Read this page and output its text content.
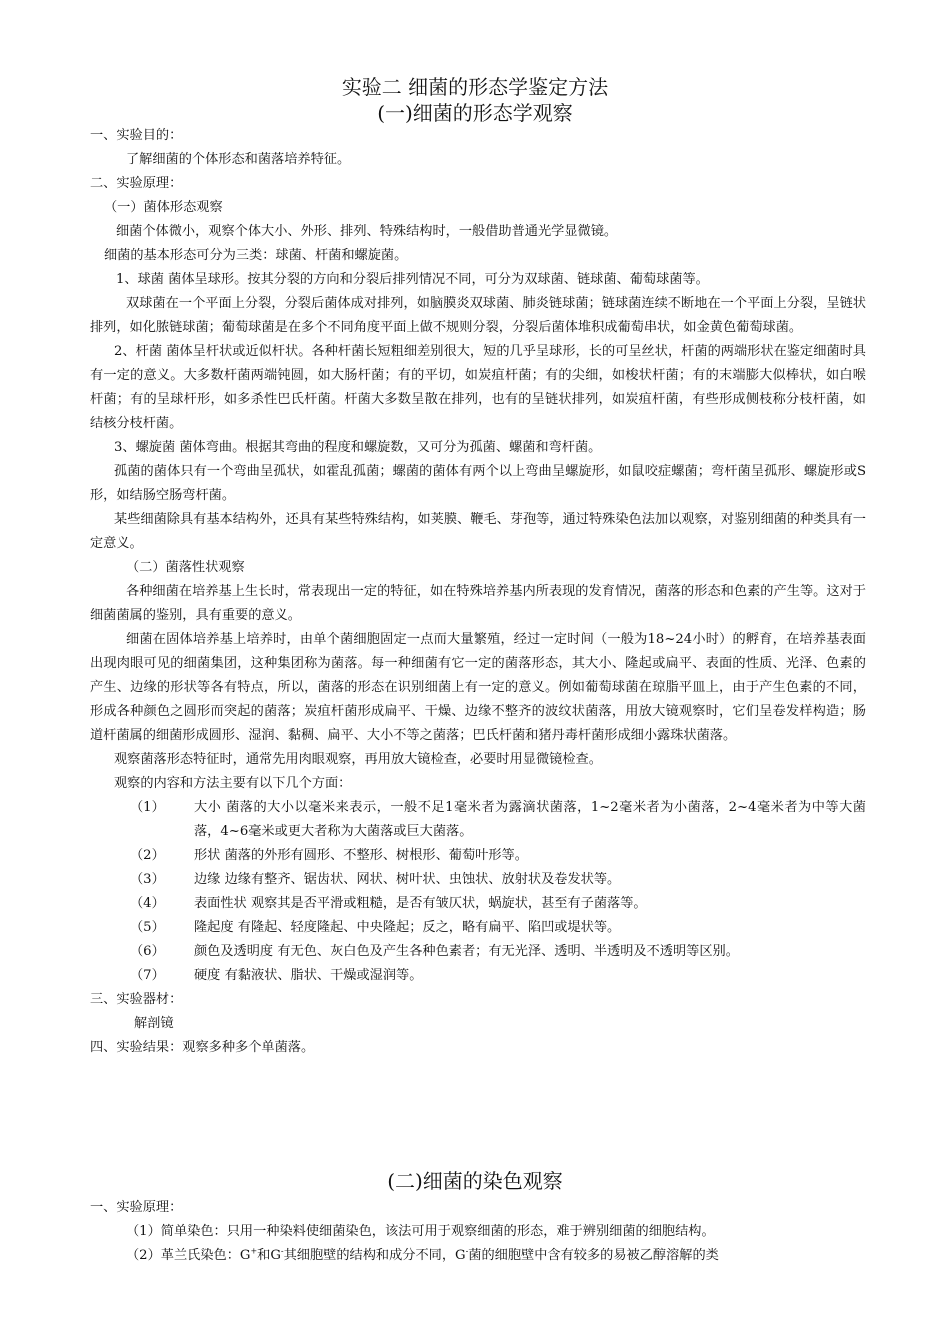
实验二 细菌的形态学鉴定方法
(一)细菌的形态学观察

一、实验目的：

了解细菌的个体形态和菌落培养特征。

二、实验原理：

（一）菌体形态观察

细菌个体微小，观察个体大小、外形、排列、特殊结构时，一般借助普通光学显微镜。

细菌的基本形态可分为三类：球菌、杆菌和螺旋菌。

1、球菌 菌体呈球形。按其分裂的方向和分裂后排列情况不同，可分为双球菌、链球菌、葡萄球菌等。

双球菌在一个平面上分裂，分裂后菌体成对排列，如脑膜炎双球菌、肺炎链球菌；链球菌连续不断地在一个平面上分裂，呈链状排列，如化脓链球菌；葡萄球菌是在多个不同角度平面上做不规则分裂，分裂后菌体堆积成葡萄串状，如金黄色葡萄球菌。

2、杆菌 菌体呈杆状或近似杆状。各种杆菌长短粗细差别很大，短的几乎呈球形，长的可呈丝状，杆菌的两端形状在鉴定细菌时具有一定的意义。大多数杆菌两端钝圆，如大肠杆菌；有的平切，如炭疽杆菌；有的尖细，如梭状杆菌；有的末端膨大似棒状，如白喉杆菌；有的呈球杆形，如多杀性巴氏杆菌。杆菌大多数呈散在排列，也有的呈链状排列，如炭疽杆菌，有些形成侧枝称分枝杆菌，如结核分枝杆菌。

3、螺旋菌 菌体弯曲。根据其弯曲的程度和螺旋数，又可分为孤菌、螺菌和弯杆菌。

孤菌的菌体只有一个弯曲呈孤状，如霍乱孤菌；螺菌的菌体有两个以上弯曲呈螺旋形，如鼠咬症螺菌；弯杆菌呈孤形、螺旋形或S形，如结肠空肠弯杆菌。

某些细菌除具有基本结构外，还具有某些特殊结构，如荚膜、鞭毛、芽孢等，通过特殊染色法加以观察，对鉴别细菌的种类具有一定意义。

（二）菌落性状观察

各种细菌在培养基上生长时，常表现出一定的特征，如在特殊培养基内所表现的发育情况，菌落的形态和色素的产生等。这对于细菌菌属的鉴别，具有重要的意义。

细菌在固体培养基上培养时，由单个菌细胞固定一点而大量繁殖，经过一定时间（一般为18~24小时）的孵育，在培养基表面出现肉眼可见的细菌集团，这种集团称为菌落。每一种细菌有它一定的菌落形态，其大小、隆起或扁平、表面的性质、光泽、色素的产生、边缘的形状等各有特点，所以，菌落的形态在识别细菌上有一定的意义。例如葡萄球菌在琼脂平皿上，由于产生色素的不同，形成各种颜色之圆形而突起的菌落；炭疽杆菌形成扁平、干燥、边缘不整齐的波纹状菌落，用放大镜观察时，它们呈卷发样构造；肠道杆菌属的细菌形成圆形、湿润、黏稠、扁平、大小不等之菌落；巴氏杆菌和猪丹毒杆菌形成细小露珠状菌落。

观察菌落形态特征时，通常先用肉眼观察，再用放大镜检查，必要时用显微镜检查。

观察的内容和方法主要有以下几个方面：

（1）	大小 菌落的大小以毫米来表示，一般不足1毫米者为露滴状菌落，1~2毫米者为小菌落，2~4毫米者为中等大菌落，4~6毫米或更大者称为大菌落或巨大菌落。
（2）	形状 菌落的外形有圆形、不整形、树根形、葡萄叶形等。
（3）	边缘 边缘有整齐、锯齿状、网状、树叶状、虫蚀状、放射状及卷发状等。
（4）	表面性状 观察其是否平滑或粗糙，是否有皱仄状，蜗旋状，甚至有子菌落等。
（5）	隆起度 有隆起、轻度隆起、中央隆起；反之，略有扁平、陷凹或堤状等。
（6）	颜色及透明度 有无色、灰白色及产生各种色素者；有无光泽、透明、半透明及不透明等区别。
（7）	硬度 有黏液状、脂状、干燥或湿润等。

三、实验器材：

解剖镜

四、实验结果：观察多种多个单菌落。

(二)细菌的染色观察

一、实验原理：

（1）简单染色：只用一种染料使细菌染色，该法可用于观察细菌的形态，难于辨别细菌的细胞结构。

（2）革兰氏染色：G+和G-其细胞壁的结构和成分不同，G-菌的细胞壁中含有较多的易被乙醇溶解的类
